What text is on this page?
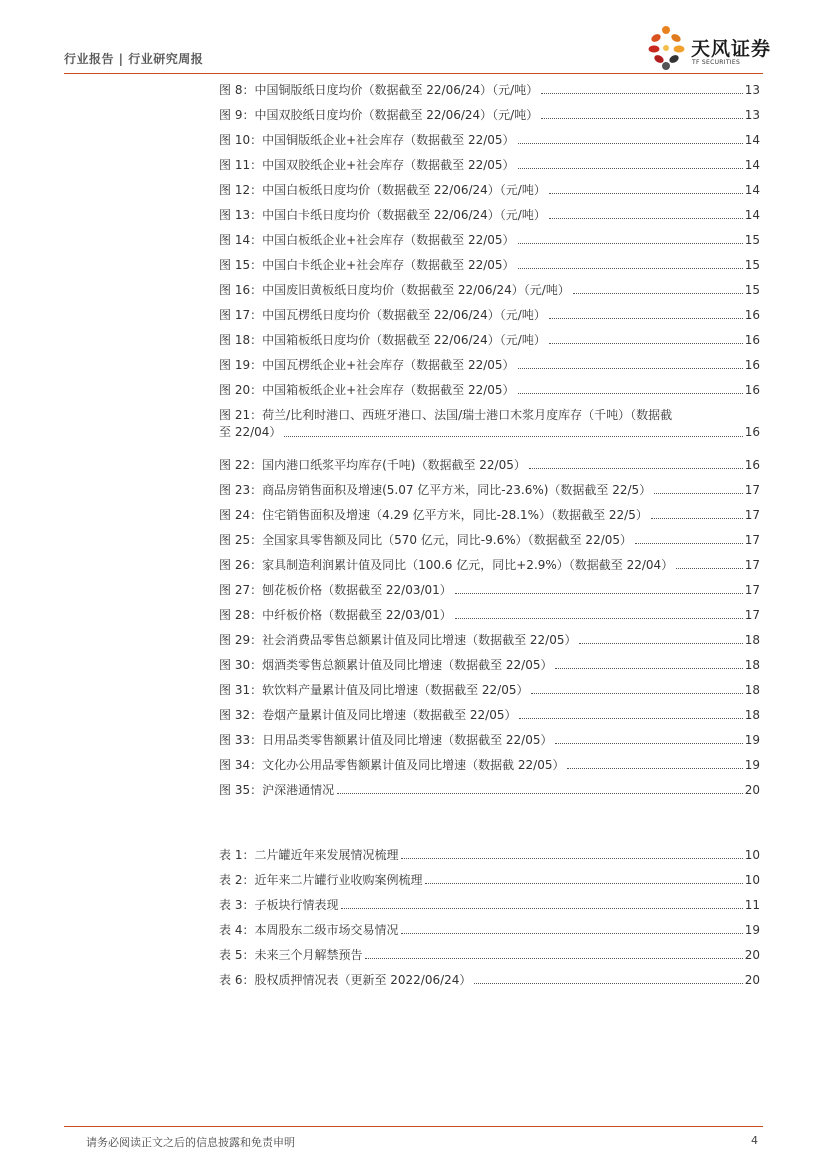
行业报告 | 行业研究周报	天风证券
TF SECURITIES
图 8：中国铜版纸日度均价（数据截至 22/06/24）（元/吨）	13
图 9：中国双胶纸日度均价（数据截至 22/06/24）（元/吨）	13
图 10：中国铜版纸企业+社会库存（数据截至 22/05）	14
图 11：中国双胶纸企业+社会库存（数据截至 22/05）	14
图 12：中国白板纸日度均价（数据截至 22/06/24）（元/吨）	14
图 13：中国白卡纸日度均价（数据截至 22/06/24）（元/吨）	14
图 14：中国白板纸企业+社会库存（数据截至 22/05）	15
图 15：中国白卡纸企业+社会库存（数据截至 22/05）	15
图 16：中国废旧黄板纸日度均价（数据截至 22/06/24）（元/吨）	15
图 17：中国瓦楞纸日度均价（数据截至 22/06/24）（元/吨）	16
图 18：中国箱板纸日度均价（数据截至 22/06/24）（元/吨）	16
图 19：中国瓦楞纸企业+社会库存（数据截至 22/05）	16
图 20：中国箱板纸企业+社会库存（数据截至 22/05）	16
图 21：荷兰/比利时港口、西班牙港口、法国/瑞士港口木浆月度库存（千吨）（数据截
至 22/04）	16
图 22：国内港口纸浆平均库存(千吨)（数据截至 22/05）	16
图 23：商品房销售面积及增速(5.07 亿平方米，同比-23.6%)（数据截至 22/5）	17
图 24：住宅销售面积及增速（4.29 亿平方米，同比-28.1%）（数据截至 22/5）	17
图 25：全国家具零售额及同比（570 亿元，同比-9.6%）（数据截至 22/05）	17
图 26：家具制造利润累计值及同比（100.6 亿元，同比+2.9%）（数据截至 22/04）	17
图 27：刨花板价格（数据截至 22/03/01）	17
图 28：中纤板价格（数据截至 22/03/01）	17
图 29：社会消费品零售总额累计值及同比增速（数据截至 22/05）	18
图 30：烟酒类零售总额累计值及同比增速（数据截至 22/05）	18
图 31：软饮料产量累计值及同比增速（数据截至 22/05）	18
图 32：卷烟产量累计值及同比增速（数据截至 22/05）	18
图 33：日用品类零售额累计值及同比增速（数据截至 22/05）	19
图 34：文化办公用品零售额累计值及同比增速（数据截 22/05）	19
图 35：沪深港通情况	20
表 1：二片罐近年来发展情况梳理	10
表 2：近年来二片罐行业收购案例梳理	10
表 3：子板块行情表现	11
表 4：本周股东二级市场交易情况	19
表 5：未来三个月解禁预告	20
表 6：股权质押情况表（更新至 2022/06/24）	20
请务必阅读正文之后的信息披露和免责申明	4
